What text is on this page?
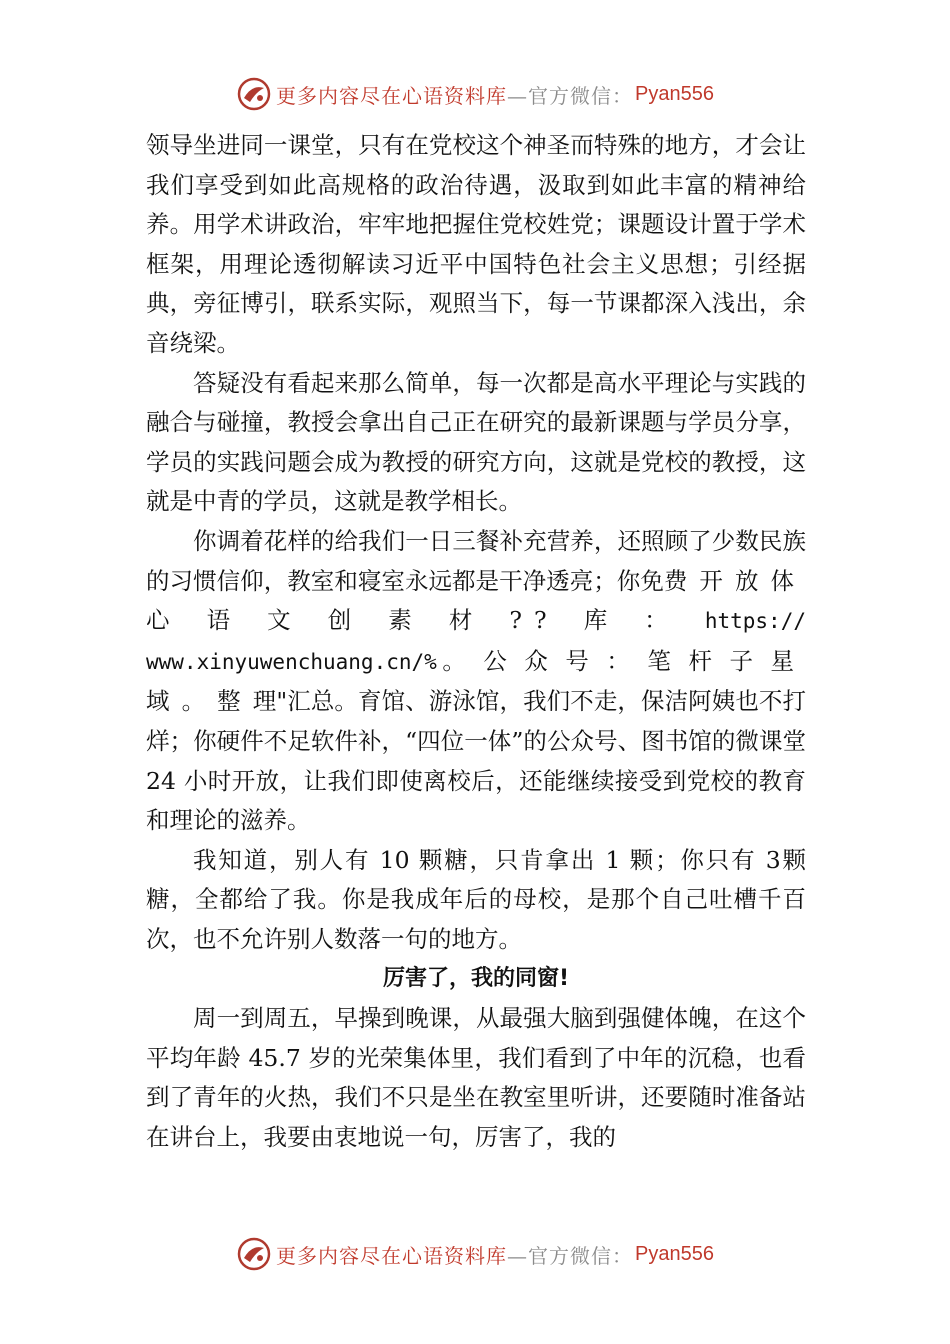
更多内容尽在心语资料库 —官方微信： Pyan556

领导坐进同一课堂，只有在党校这个神圣而特殊的地方，才会让我们享受到如此高规格的政治待遇，汲取到如此丰富的精神给养。用学术讲政治，牢牢地把握住党校姓党；课题设计置于学术框架，用理论透彻解读习近平中国特色社会主义思想；引经据典，旁征博引，联系实际，观照当下，每一节课都深入浅出，余音绕梁。

答疑没有看起来那么简单，每一次都是高水平理论与实践的融合与碰撞，教授会拿出自己正在研究的最新课题与学员分享，学员的实践问题会成为教授的研究方向，这就是党校的教授，这就是中青的学员，这就是教学相长。

你调着花样的给我们一日三餐补充营养，还照顾了少数民族的习惯信仰，教室和寝室永远都是干净透亮；你免费开放体心语文创素材??库：https:// www.xinyuwenchuang.cn/%。公众号：笔杆子星域。整理"汇总。育馆、游泳馆，我们不走，保洁阿姨也不打烊；你硬件不足软件补，“四位一体”的公众号、图书馆的微课堂 24 小时开放，让我们即使离校后，还能继续接受到党校的教育和理论的滋养。

我知道，别人有 10 颗糖，只肯拿出 1 颗；你只有 3颗糖，全都给了我。你是我成年后的母校，是那个自己吐槽千百次，也不允许别人数落一句的地方。

厉害了，我的同窗!

周一到周五，早操到晚课，从最强大脑到强健体魄，在这个平均年龄 45.7 岁的光荣集体里，我们看到了中年的沉稳，也看到了青年的火热，我们不只是坐在教室里听讲，还要随时准备站在讲台上，我要由衷地说一句，厉害了，我的

更多内容尽在心语资料库 —官方微信： Pyan556
